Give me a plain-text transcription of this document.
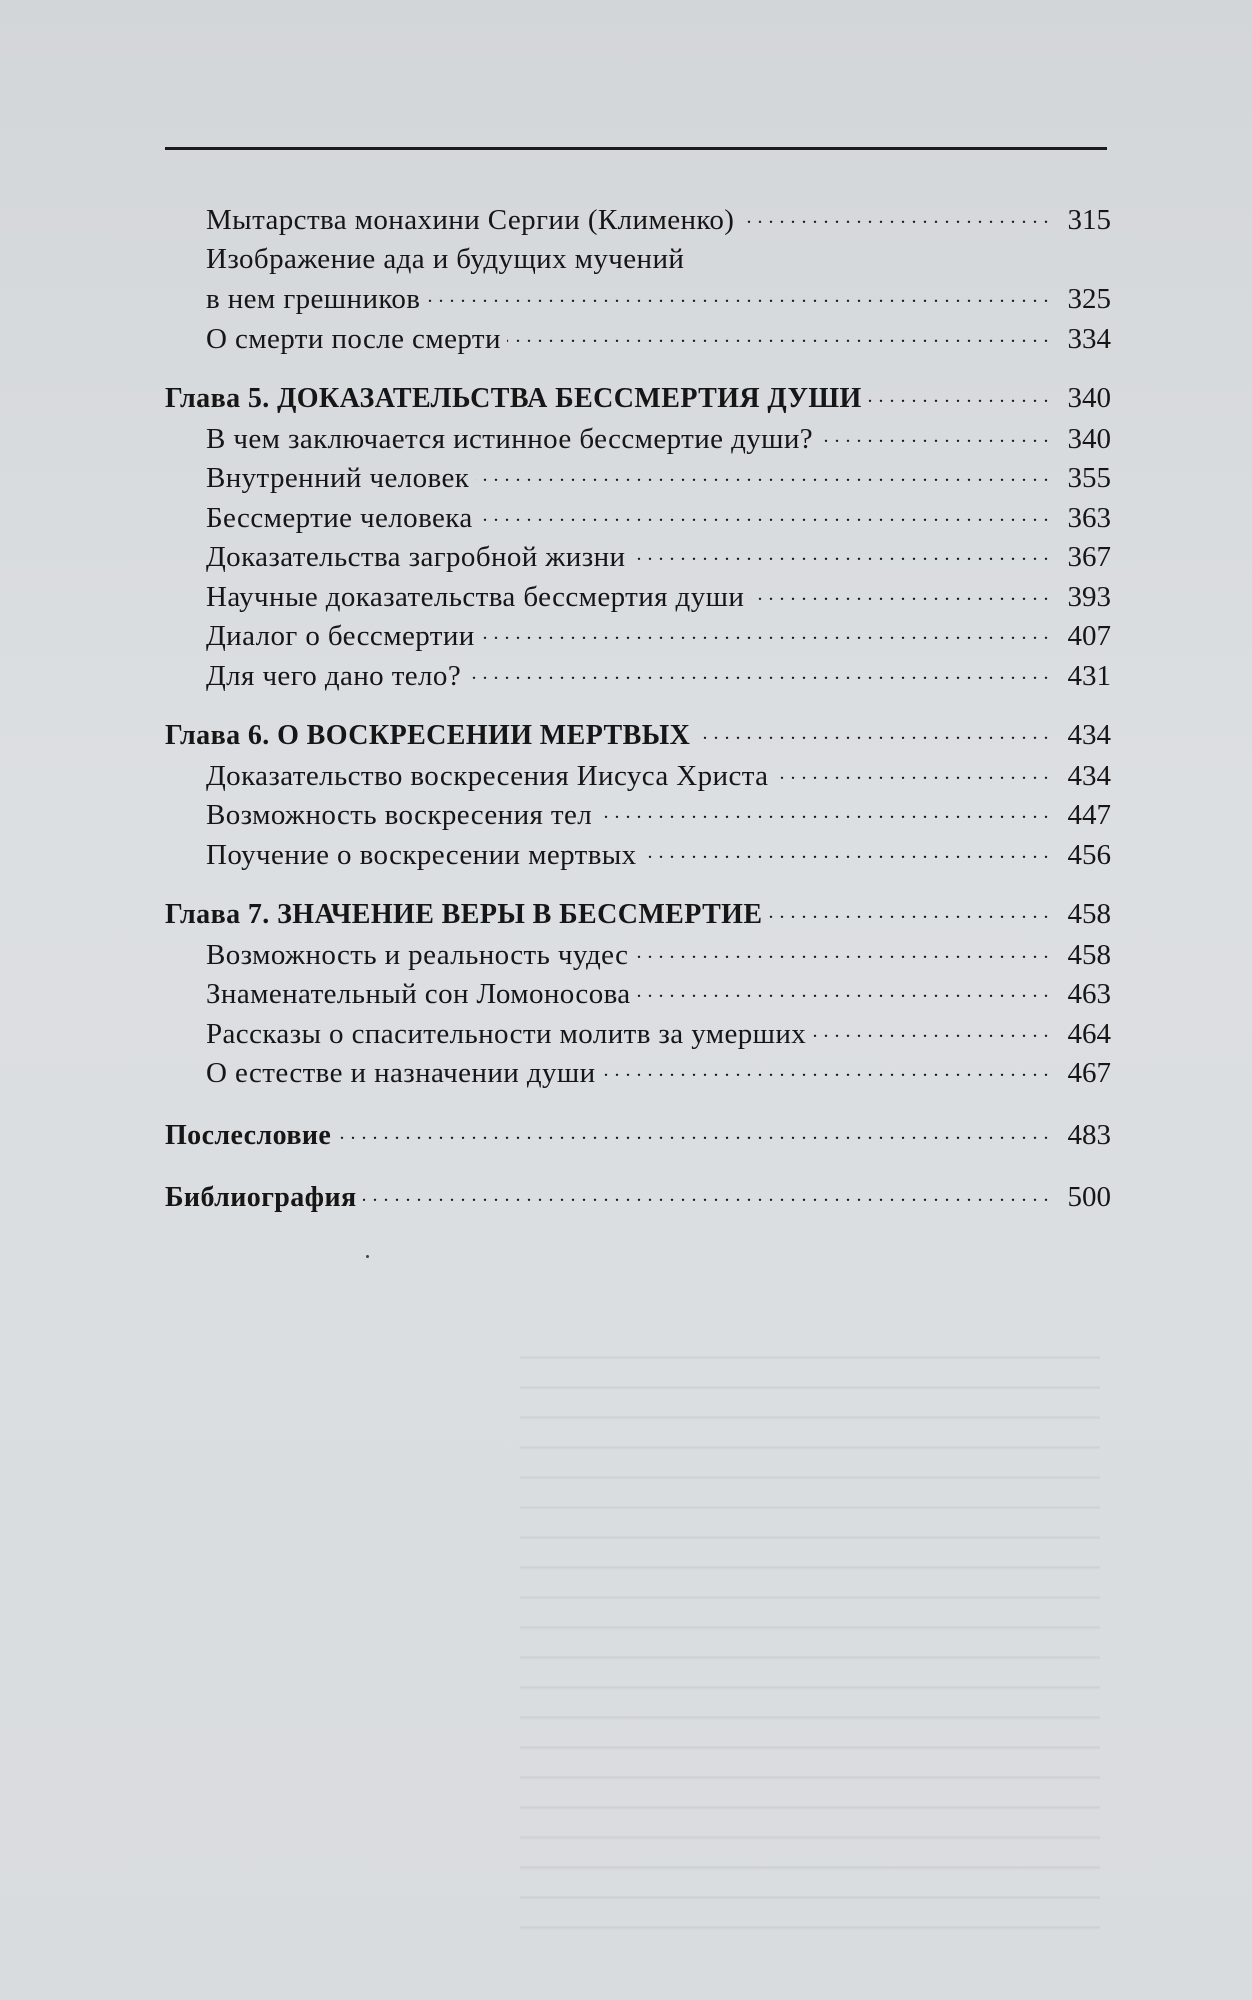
Мытарства монахини Сергии (Клименко) . . .	315
Изображение ада и будущих мучений
в нем грешников . . .	325
О смерти после смерти . . .	334
Глава 5. ДОКАЗАТЕЛЬСТВА БЕССМЕРТИЯ ДУШИ . . .	340
В чем заключается истинное бессмертие души? . . .	340
Внутренний человек . . .	355
Бессмертие человека . . .	363
Доказательства загробной жизни . . .	367
Научные доказательства бессмертия души . . .	393
Диалог о бессмертии . . .	407
Для чего дано тело? . . .	431
Глава 6. О ВОСКРЕСЕНИИ МЕРТВЫХ . . .	434
Доказательство воскресения Иисуса Христа . . .	434
Возможность воскресения тел . . .	447
Поучение о воскресении мертвых . . .	456
Глава 7. ЗНАЧЕНИЕ ВЕРЫ В БЕССМЕРТИЕ . . .	458
Возможность и реальность чудес . . .	458
Знаменательный сон Ломоносова . . .	463
Рассказы о спасительности молитв за умерших . . .	464
О естестве и назначении души . . .	467
Послесловие . . .	483
Библиография . . .	500
